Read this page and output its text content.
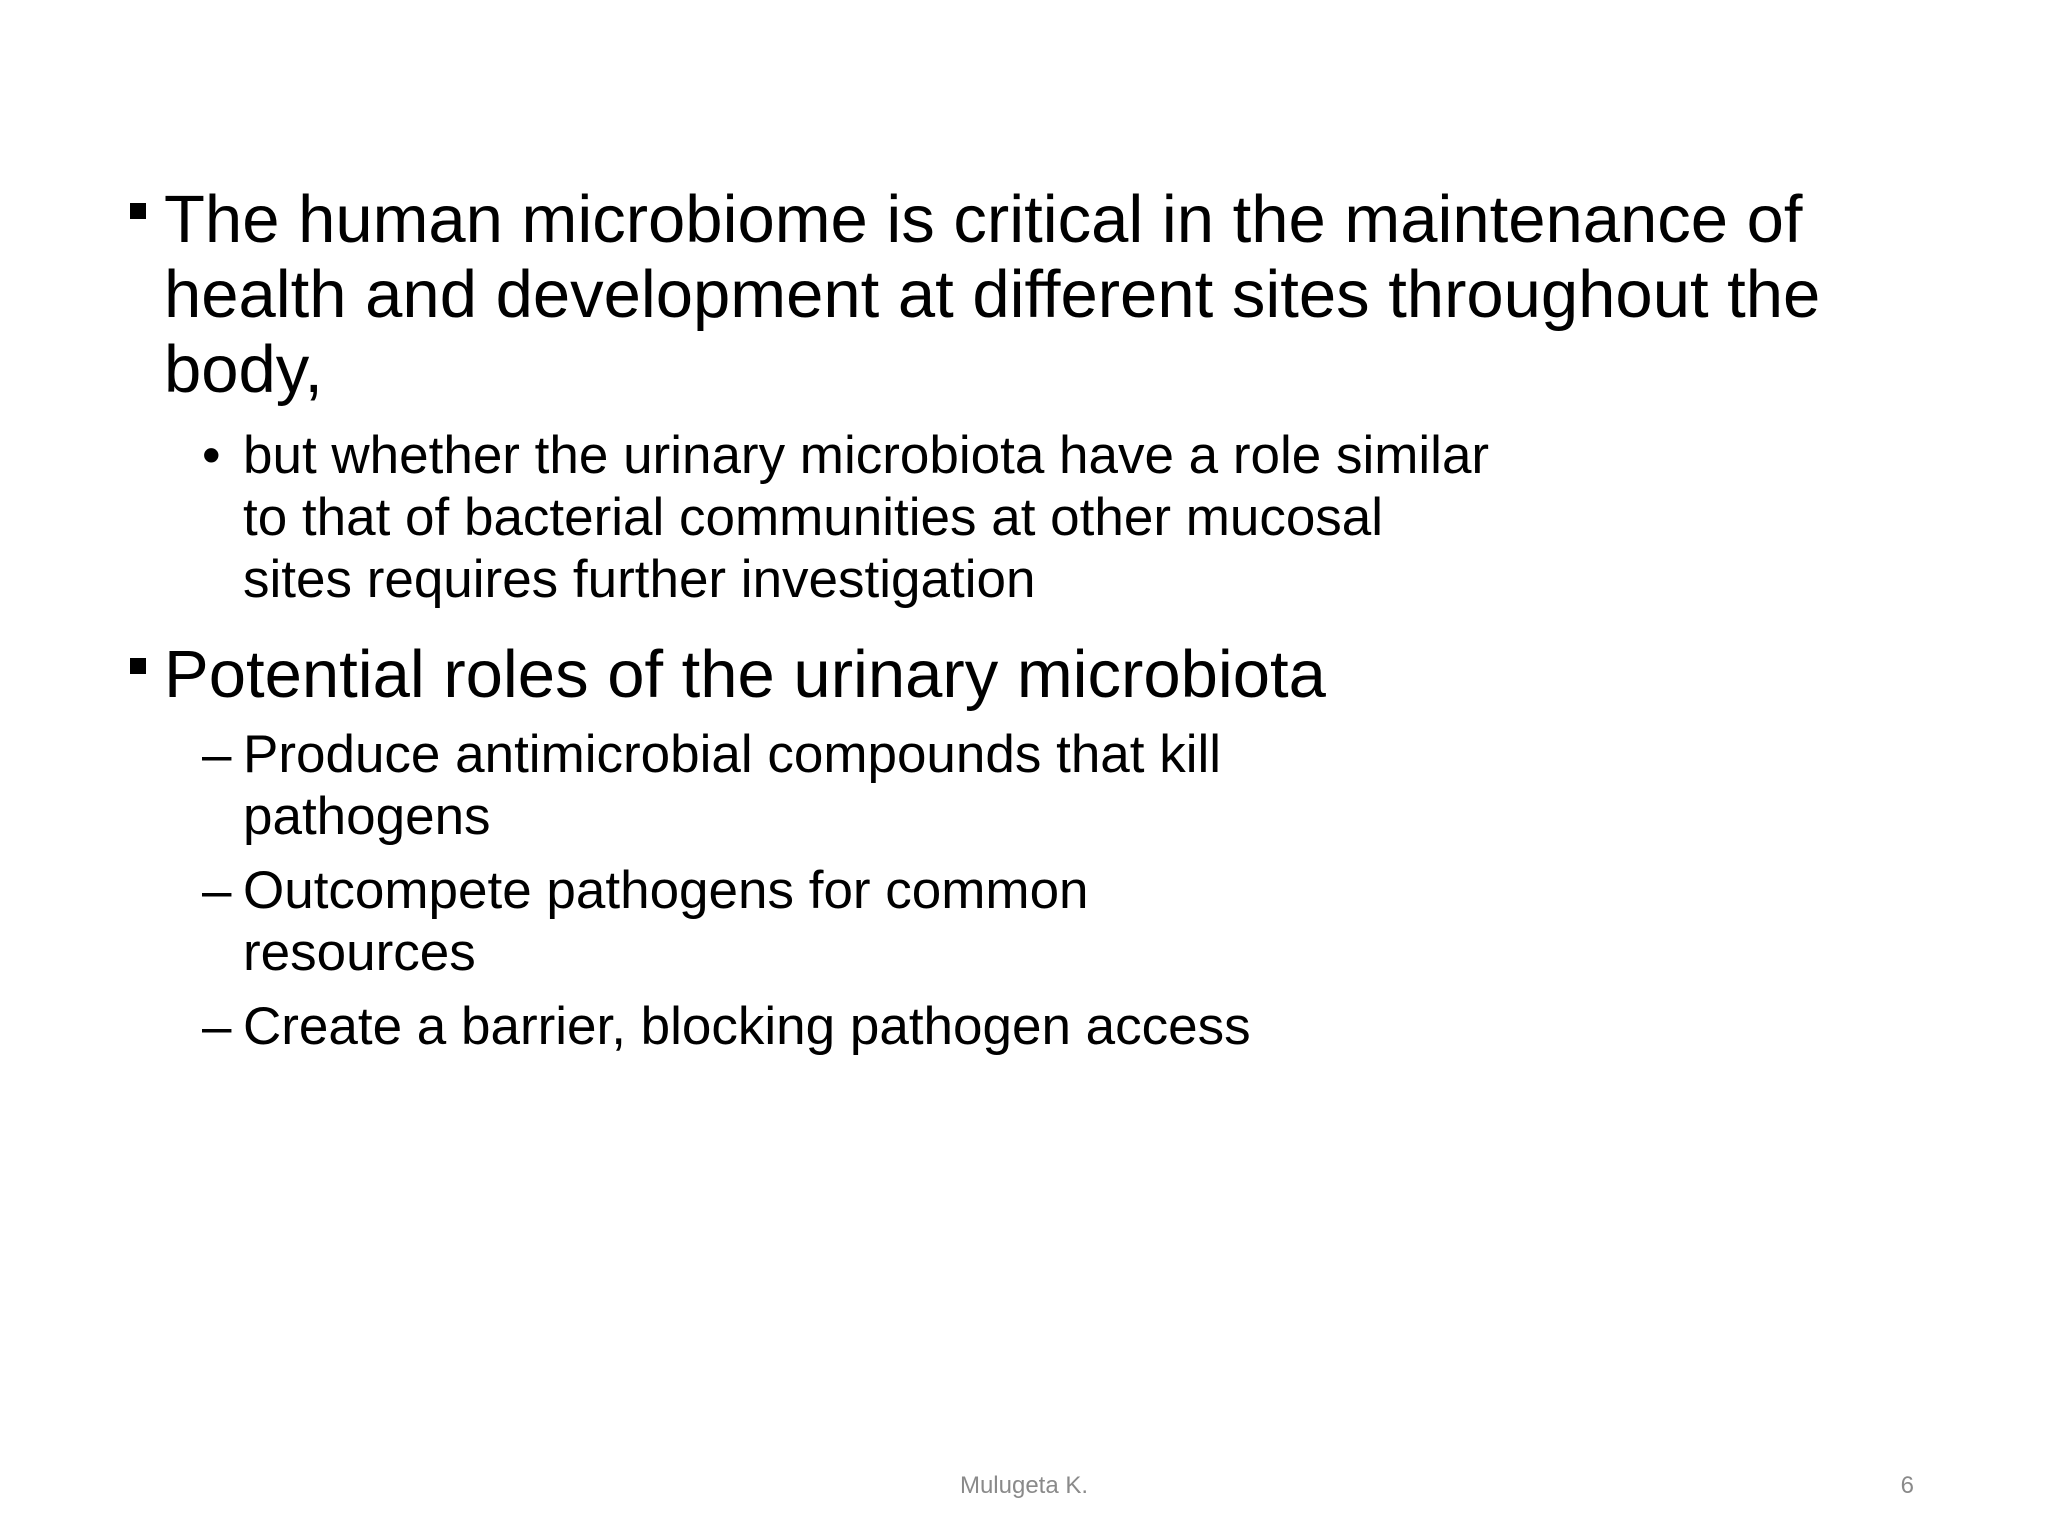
The human microbiome is critical in the maintenance of health and development at different sites throughout the body,
• but whether the urinary microbiota have a role similar to that of bacterial communities at other mucosal sites requires further investigation
Potential roles of the urinary microbiota
– Produce antimicrobial compounds that kill pathogens
– Outcompete pathogens for common resources
– Create a barrier, blocking pathogen access
Mulugeta K.	6
